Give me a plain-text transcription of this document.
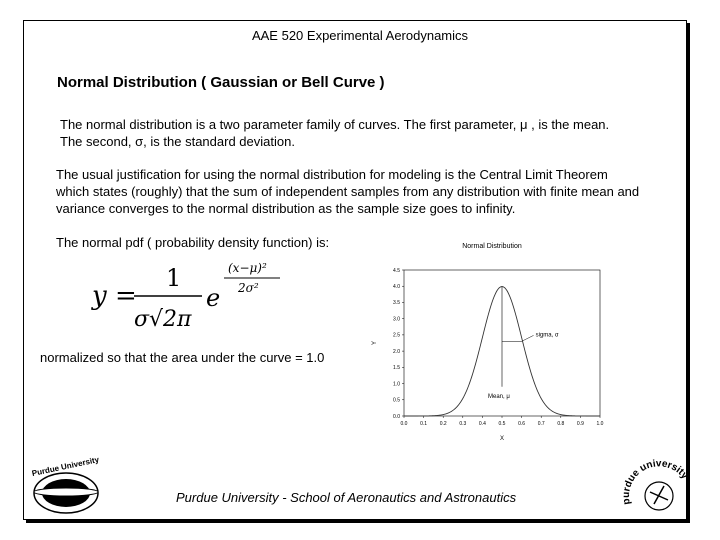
AAE 520 Experimental Aerodynamics
Normal Distribution ( Gaussian or Bell Curve )
The normal distribution is a two parameter family of curves. The first parameter, μ , is the mean.
The second, σ, is the standard deviation.
The usual justification for using the normal distribution for modeling is the Central Limit Theorem
which states (roughly) that the sum of independent samples from any distribution with finite mean and
variance converges to the normal distribution as the sample size goes to infinity.
The normal pdf ( probability density function) is:
y =
1
σ√2π
e
(x−μ)²
2σ²
normalized so that the area under the curve = 1.0
Normal Distribution
0.0	0.1	0.2	0.3	0.4	0.5	0.6	0.7	0.8	0.9	1.0
0.0
0.5
1.0
1.5
2.0
2.5
3.0
3.5
4.0
4.5
X
Y
Mean, μ
sigma, σ
Purdue University
purdue university
Purdue University - School of Aeronautics and Astronautics
